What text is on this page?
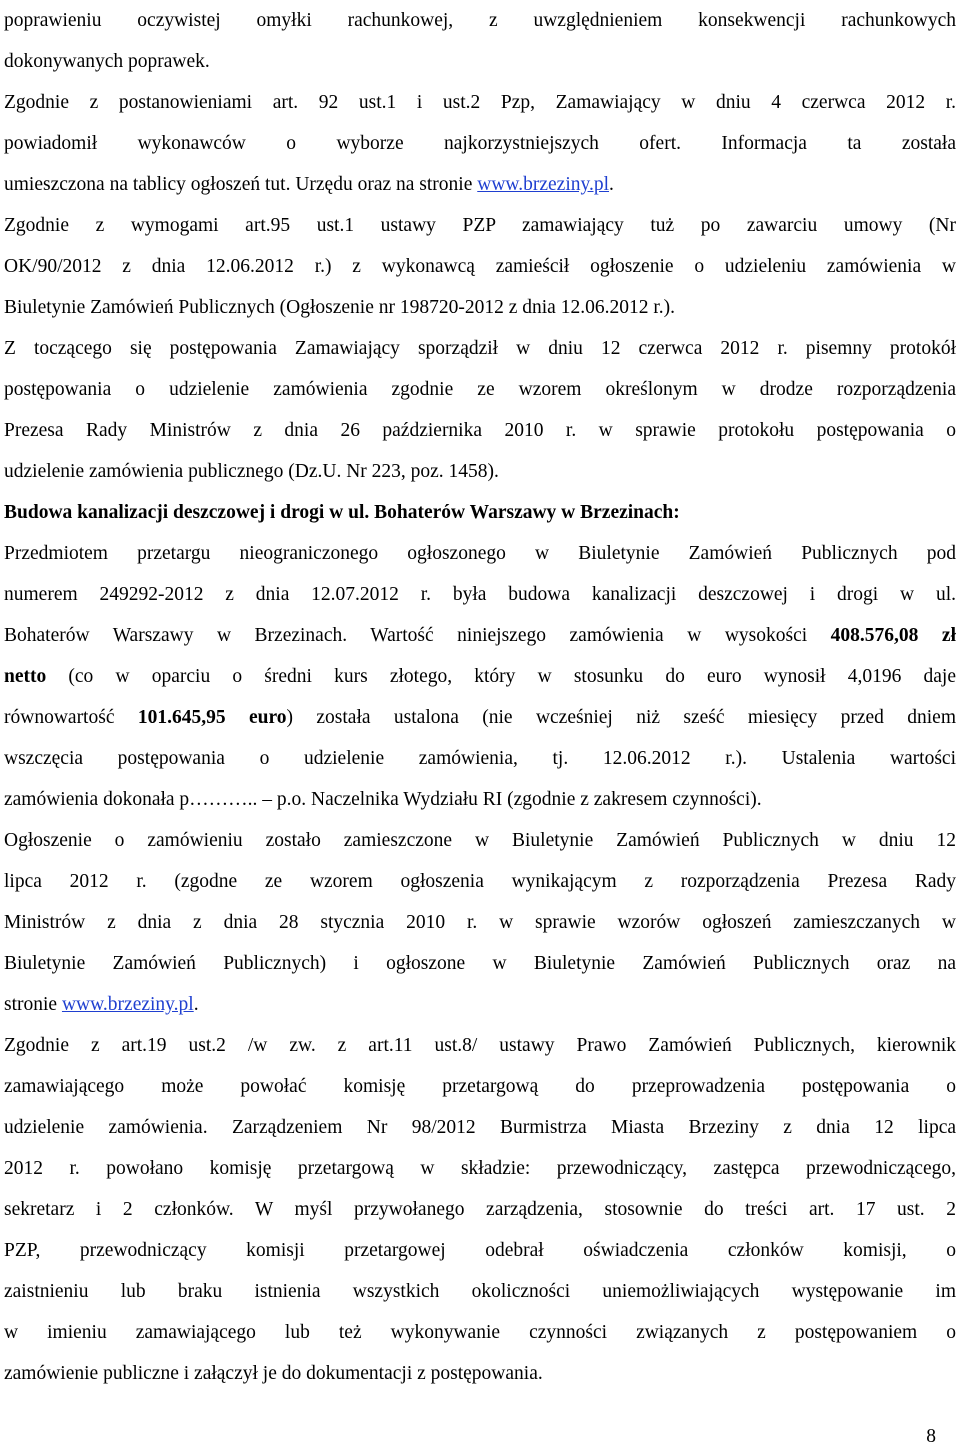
poprawieniu oczywistej omyłki rachunkowej, z uwzględnieniem konsekwencji rachunkowych
dokonywanych poprawek.
Zgodnie z postanowieniami art. 92 ust.1 i ust.2 Pzp, Zamawiający w dniu 4 czerwca 2012 r.
powiadomił wykonawców o wyborze najkorzystniejszych ofert. Informacja ta została
umieszczona na tablicy ogłoszeń tut. Urzędu oraz na stronie www.brzeziny.pl.
Zgodnie z wymogami art.95 ust.1 ustawy PZP zamawiający tuż po zawarciu umowy (Nr
OK/90/2012 z dnia 12.06.2012 r.) z wykonawcą zamieścił ogłoszenie o udzieleniu zamówienia w
Biuletynie Zamówień Publicznych (Ogłoszenie nr 198720-2012 z dnia 12.06.2012 r.).
Z toczącego się postępowania Zamawiający sporządził w dniu 12 czerwca 2012 r. pisemny protokół
postępowania o udzielenie zamówienia zgodnie ze wzorem określonym w drodze rozporządzenia
Prezesa Rady Ministrów z dnia 26 października 2010 r. w sprawie protokołu postępowania o
udzielenie zamówienia publicznego (Dz.U. Nr 223, poz. 1458).
Budowa kanalizacji deszczowej i drogi w ul. Bohaterów Warszawy w Brzezinach:
Przedmiotem przetargu nieograniczonego ogłoszonego w Biuletynie Zamówień Publicznych pod
numerem 249292-2012 z dnia 12.07.2012 r. była budowa kanalizacji deszczowej i drogi w ul.
Bohaterów Warszawy w Brzezinach. Wartość niniejszego zamówienia w wysokości 408.576,08 zł
netto (co w oparciu o średni kurs złotego, który w stosunku do euro wynosił 4,0196 daje
równowartość 101.645,95 euro) została ustalona (nie wcześniej niż sześć miesięcy przed dniem
wszczęcia postępowania o udzielenie zamówienia, tj. 12.06.2012 r.). Ustalenia wartości
zamówienia dokonała p……….. – p.o. Naczelnika Wydziału RI (zgodnie z zakresem czynności).
Ogłoszenie o zamówieniu zostało zamieszczone w Biuletynie Zamówień Publicznych w dniu 12
lipca 2012 r. (zgodne ze wzorem ogłoszenia wynikającym z rozporządzenia Prezesa Rady
Ministrów z dnia z dnia 28 stycznia 2010 r. w sprawie wzorów ogłoszeń zamieszczanych w
Biuletynie Zamówień Publicznych) i ogłoszone w Biuletynie Zamówień Publicznych oraz na
stronie www.brzeziny.pl.
Zgodnie z art.19 ust.2 /w zw. z art.11 ust.8/ ustawy Prawo Zamówień Publicznych, kierownik
zamawiającego może powołać komisję przetargową do przeprowadzenia postępowania o
udzielenie zamówienia. Zarządzeniem Nr 98/2012 Burmistrza Miasta Brzeziny z dnia 12 lipca
2012 r. powołano komisję przetargową w składzie: przewodniczący, zastępca przewodniczącego,
sekretarz i 2 członków. W myśl przywołanego zarządzenia, stosownie do treści art. 17 ust. 2
PZP, przewodniczący komisji przetargowej odebrał oświadczenia członków komisji, o
zaistnieniu lub braku istnienia wszystkich okoliczności uniemożliwiających występowanie im
w imieniu zamawiającego lub też wykonywanie czynności związanych z postępowaniem o
zamówienie publiczne i załączył je do dokumentacji z postępowania.
8
